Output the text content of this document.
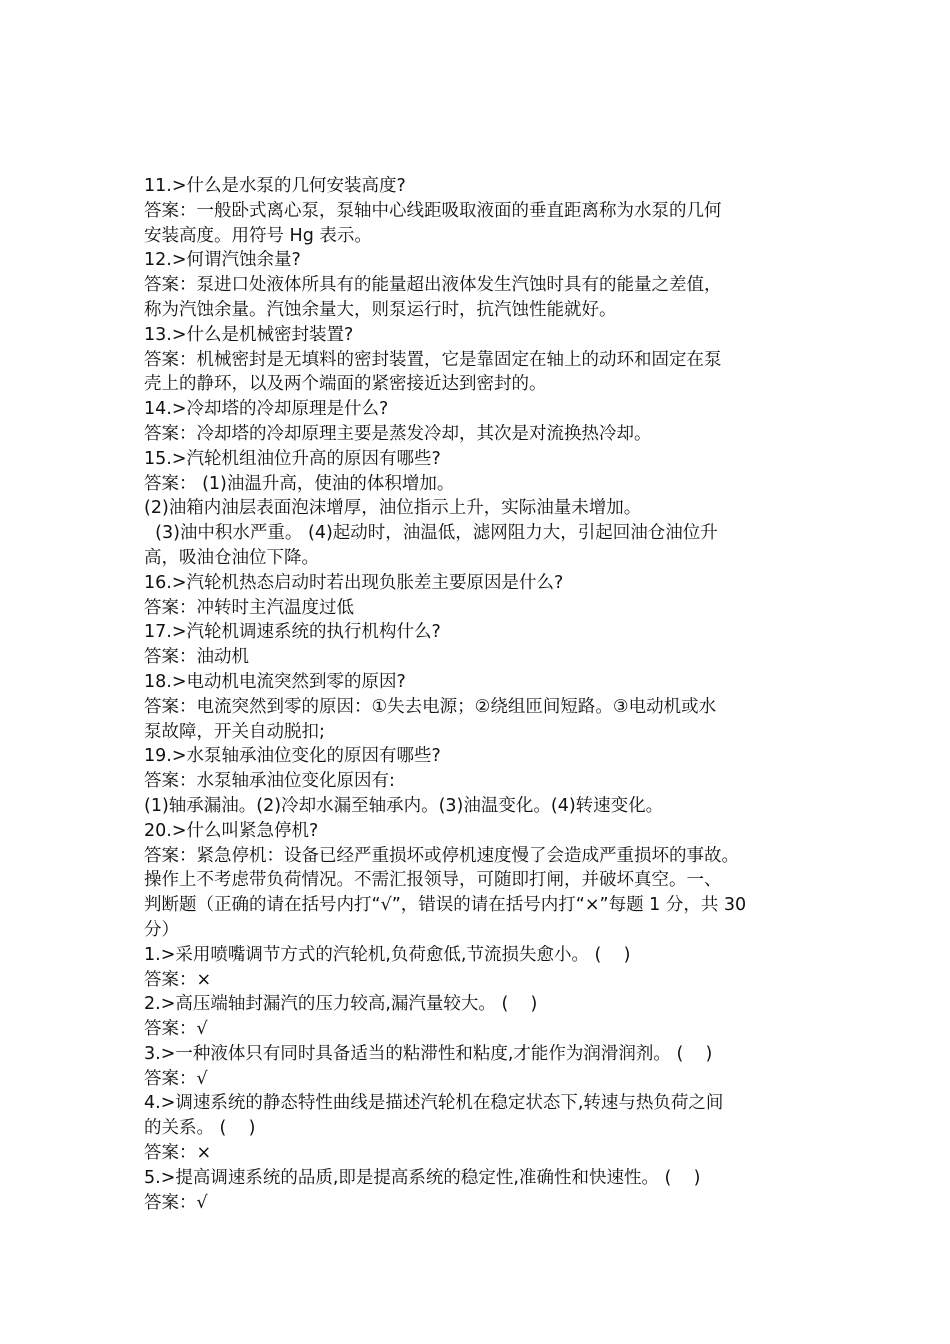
11.>什么是水泵的几何安装高度?
答案：一般卧式离心泵，泵轴中心线距吸取液面的垂直距离称为水泵的几何
安装高度。用符号 Hg 表示。
12.>何谓汽蚀余量?
答案：泵进口处液体所具有的能量超出液体发生汽蚀时具有的能量之差值，
称为汽蚀余量。汽蚀余量大，则泵运行时，抗汽蚀性能就好。
13.>什么是机械密封装置?
答案：机械密封是无填料的密封装置，它是靠固定在轴上的动环和固定在泵
壳上的静环，以及两个端面的紧密接近达到密封的。
14.>冷却塔的冷却原理是什么?
答案：冷却塔的冷却原理主要是蒸发冷却，其次是对流换热冷却。
15.>汽轮机组油位升高的原因有哪些?
答案： (1)油温升高，使油的体积增加。
(2)油箱内油层表面泡沫增厚，油位指示上升，实际油量未增加。
(3)油中积水严重。 (4)起动时，油温低，滤网阻力大，引起回油仓油位升
高，吸油仓油位下降。
16.>汽轮机热态启动时若出现负胀差主要原因是什么?
答案：冲转时主汽温度过低
17.>汽轮机调速系统的执行机构什么?
答案：油动机
18.>电动机电流突然到零的原因?
答案：电流突然到零的原因：①失去电源；②绕组匝间短路。③电动机或水
泵故障，开关自动脱扣;
19.>水泵轴承油位变化的原因有哪些?
答案：水泵轴承油位变化原因有:
(1)轴承漏油。(2)冷却水漏至轴承内。(3)油温变化。(4)转速变化。
20.>什么叫紧急停机?
答案：紧急停机：设备已经严重损坏或停机速度慢了会造成严重损坏的事故。
操作上不考虑带负荷情况。不需汇报领导，可随即打闸，并破坏真空。一、
判断题（正确的请在括号内打“√”，错误的请在括号内打“×”每题 1 分，共 30
分）
1.>采用喷嘴调节方式的汽轮机,负荷愈低,节流损失愈小。 (    )
答案：×
2.>高压端轴封漏汽的压力较高,漏汽量较大。 (    )
答案：√
3.>一种液体只有同时具备适当的粘滞性和粘度,才能作为润滑润剂。 (    )
答案：√
4.>调速系统的静态特性曲线是描述汽轮机在稳定状态下,转速与热负荷之间
的关系。 (    )
答案：×
5.>提高调速系统的品质,即是提高系统的稳定性,准确性和快速性。 (    )
答案：√
